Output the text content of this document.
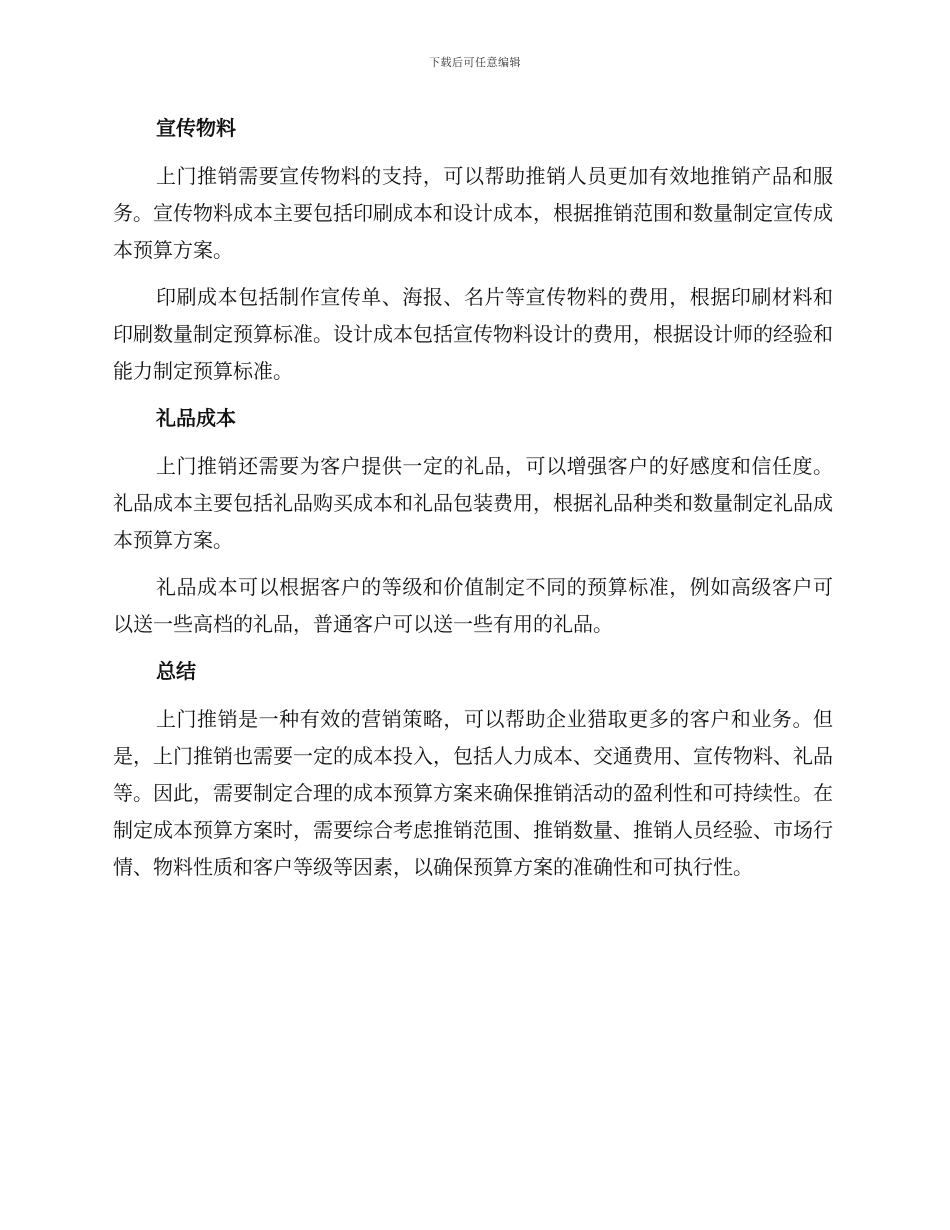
下载后可任意编辑
宣传物料

上门推销需要宣传物料的支持，可以帮助推销人员更加有效地推销产品和服务。宣传物料成本主要包括印刷成本和设计成本，根据推销范围和数量制定宣传成本预算方案。

印刷成本包括制作宣传单、海报、名片等宣传物料的费用，根据印刷材料和印刷数量制定预算标准。设计成本包括宣传物料设计的费用，根据设计师的经验和能力制定预算标准。

礼品成本

上门推销还需要为客户提供一定的礼品，可以增强客户的好感度和信任度。礼品成本主要包括礼品购买成本和礼品包装费用，根据礼品种类和数量制定礼品成本预算方案。

礼品成本可以根据客户的等级和价值制定不同的预算标准，例如高级客户可以送一些高档的礼品，普通客户可以送一些有用的礼品。

总结

上门推销是一种有效的营销策略，可以帮助企业猎取更多的客户和业务。但是，上门推销也需要一定的成本投入，包括人力成本、交通费用、宣传物料、礼品等。因此，需要制定合理的成本预算方案来确保推销活动的盈利性和可持续性。在制定成本预算方案时，需要综合考虑推销范围、推销数量、推销人员经验、市场行情、物料性质和客户等级等因素，以确保预算方案的准确性和可执行性。
